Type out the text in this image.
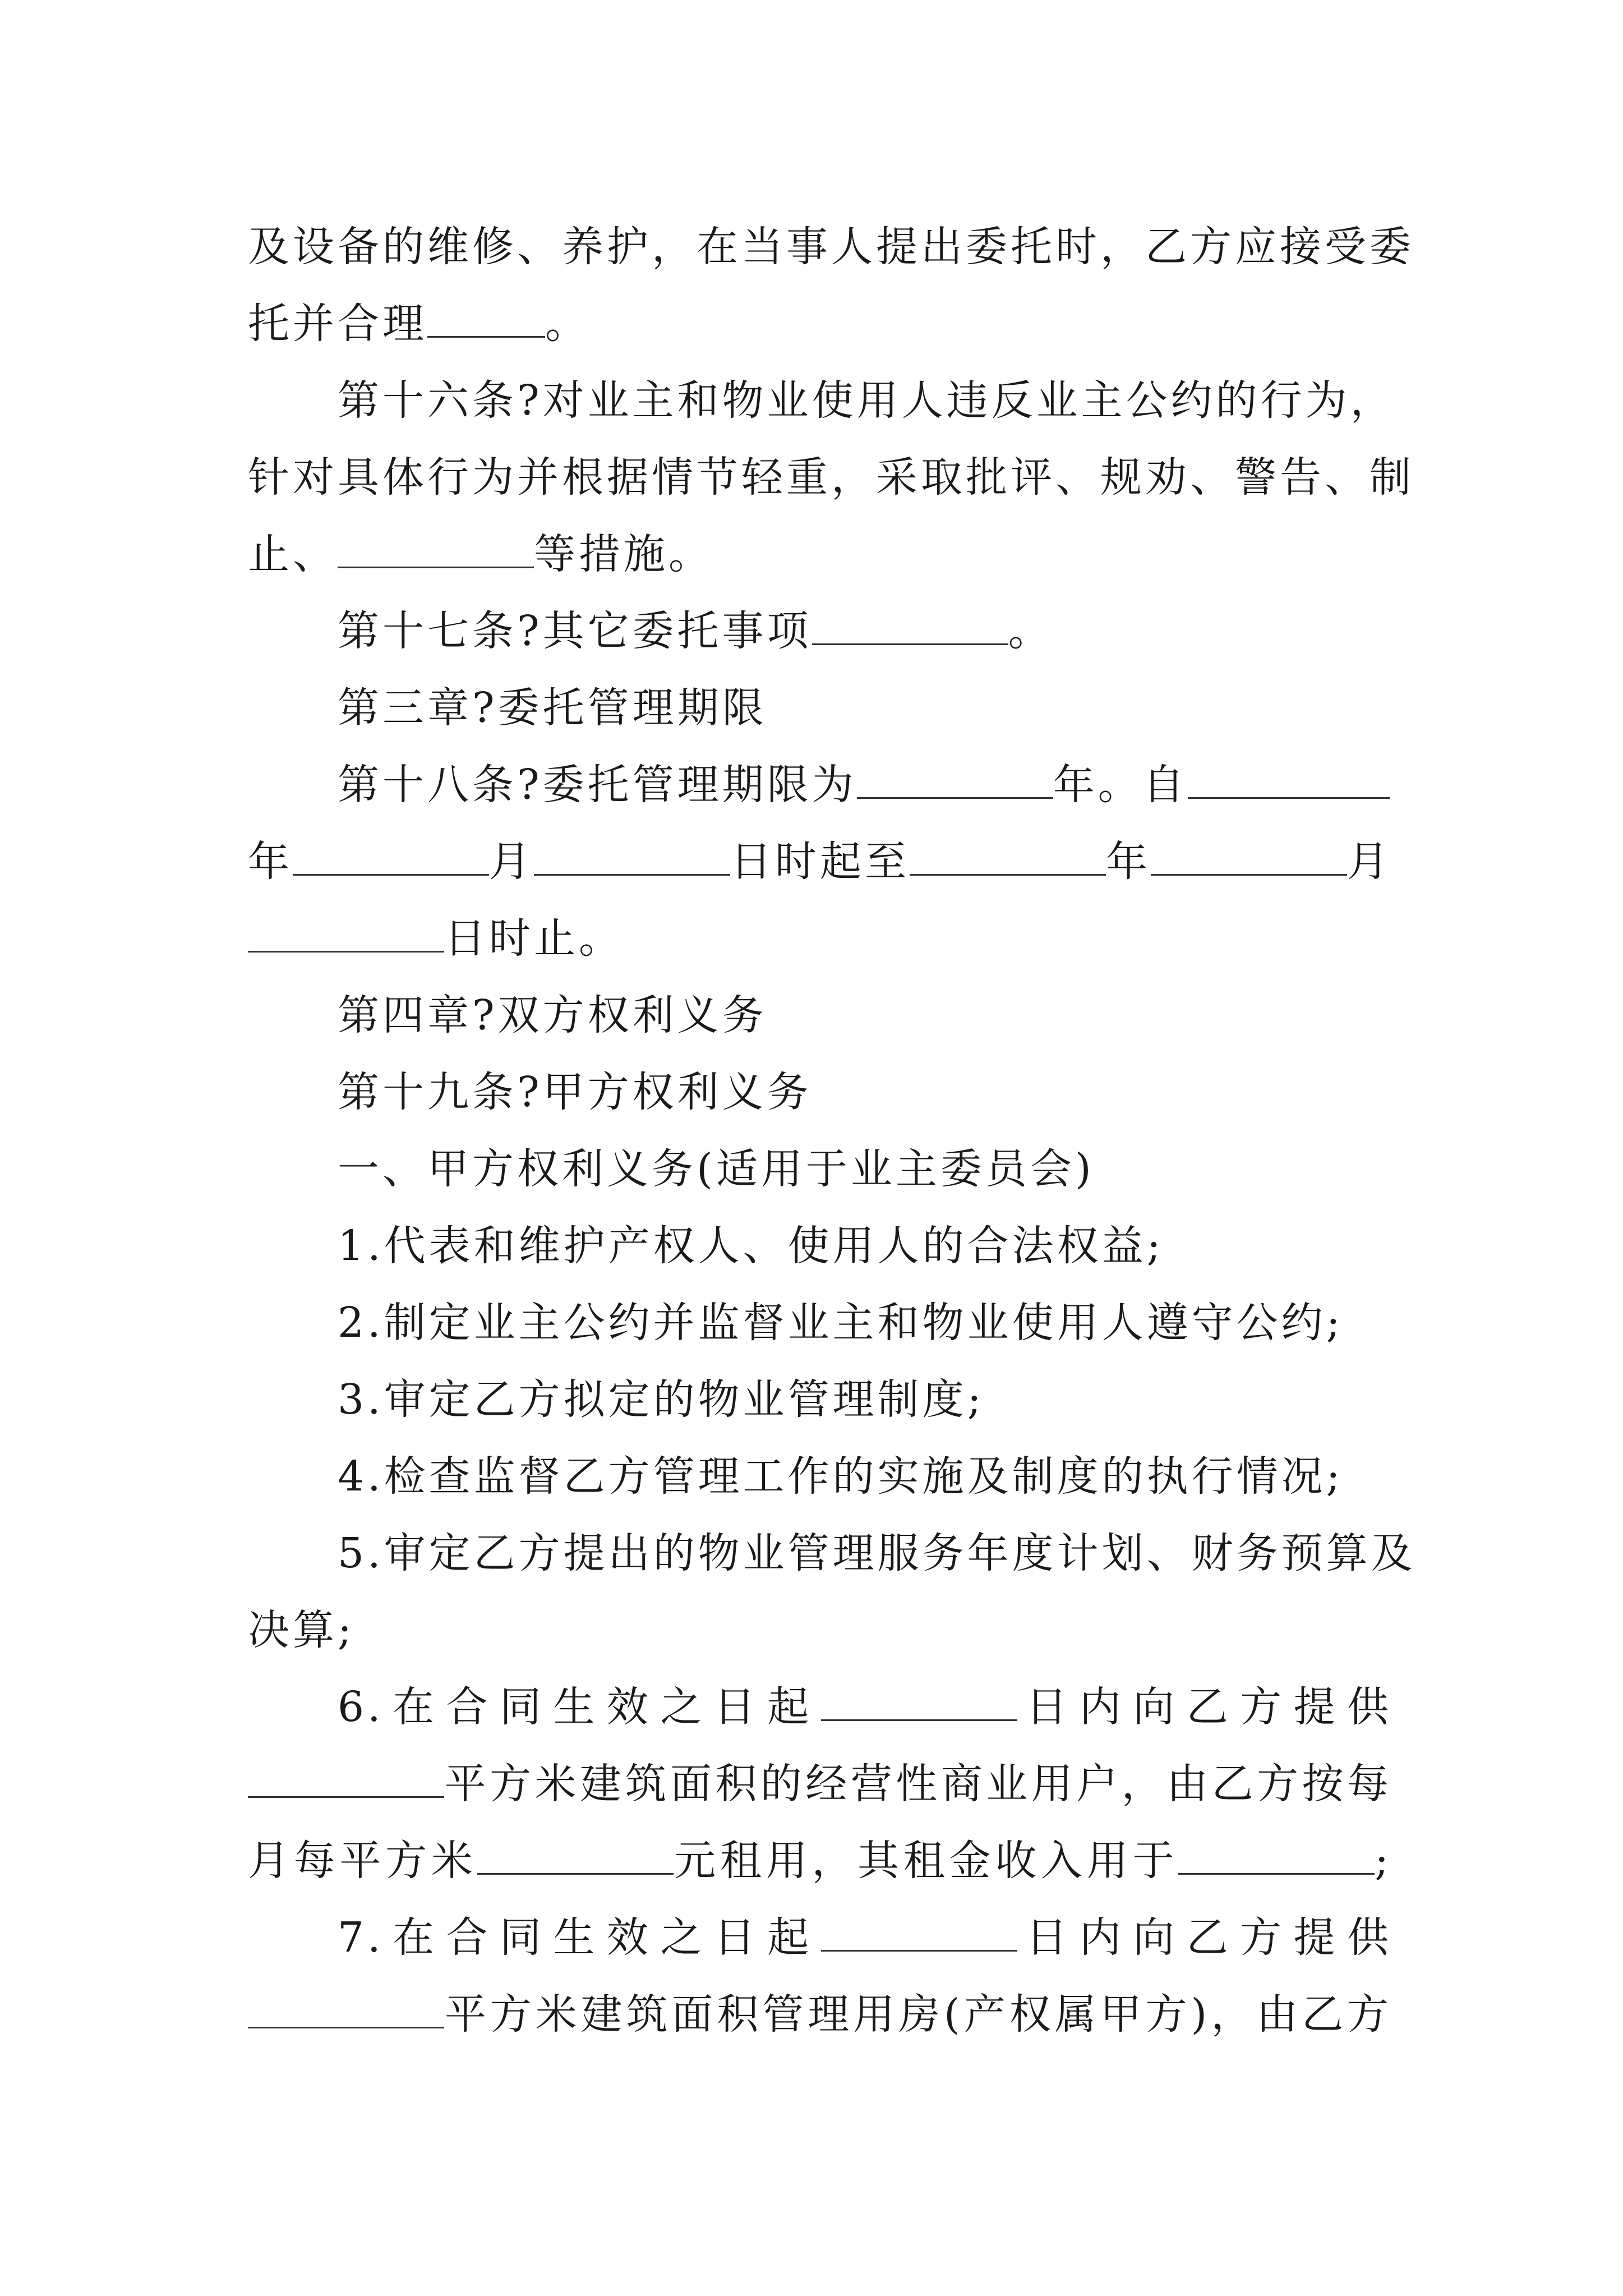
及设备的维修、养护，在当事人提出委托时，乙方应接受委
托并合理	。
第十六条?对业主和物业使用人违反业主公约的行为，
针对具体行为并根据情节轻重，采取批评、规劝、警告、制
止、	等措施。
第十七条?其它委托事项	。
第三章?委托管理期限
第十八条?委托管理期限为	年。自
年	月	日时起至	年	月
日时止。
第四章?双方权利义务
第十九条?甲方权利义务
一、甲方权利义务(适用于业主委员会)
1.代表和维护产权人、使用人的合法权益;
2.制定业主公约并监督业主和物业使用人遵守公约;
3.审定乙方拟定的物业管理制度;
4.检查监督乙方管理工作的实施及制度的执行情况;
5.审定乙方提出的物业管理服务年度计划、财务预算及
决算;
6.在合同生效之日起	日内向乙方提供
平方米建筑面积的经营性商业用户，由乙方按每
月每平方米	元租用，其租金收入用于	;
7.在合同生效之日起	日内向乙方提供
平方米建筑面积管理用房(产权属甲方)，由乙方
